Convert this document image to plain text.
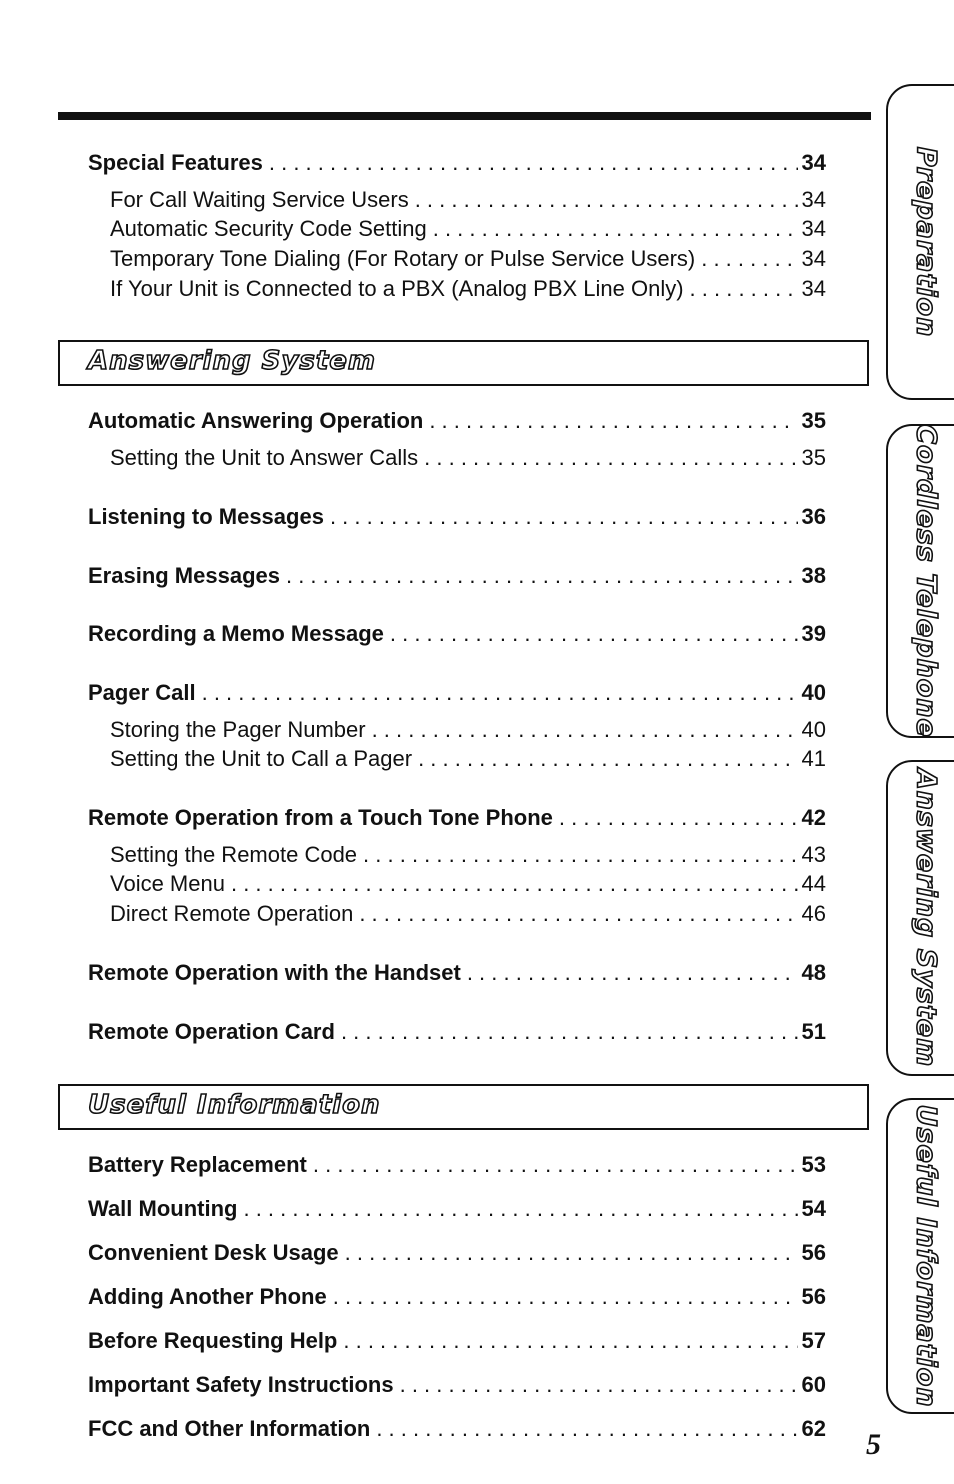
Special Features . . .	34
For Call Waiting Service Users . . .	34
Automatic Security Code Setting . . .	34
Temporary Tone Dialing (For Rotary or Pulse Service Users) . . .	34
If Your Unit is Connected to a PBX (Analog PBX Line Only) . . .	34
Answering System
Automatic Answering Operation . . .	35
Setting the Unit to Answer Calls . . .	35
Listening to Messages . . .	36
Erasing Messages . . .	38
Recording a Memo Message . . .	39
Pager Call . . .	40
Storing the Pager Number . . .	40
Setting the Unit to Call a Pager . . .	41
Remote Operation from a Touch Tone Phone . . .	42
Setting the Remote Code . . .	43
Voice Menu . . .	44
Direct Remote Operation . . .	46
Remote Operation with the Handset . . .	48
Remote Operation Card . . .	51
Useful Information
Battery Replacement . . .	53
Wall Mounting . . .	54
Convenient Desk Usage . . .	56
Adding Another Phone . . .	56
Before Requesting Help . . .	57
Important Safety Instructions . . .	60
FCC and Other Information . . .	62
Preparation
Cordless Telephone
Answering System
Useful Information
5
